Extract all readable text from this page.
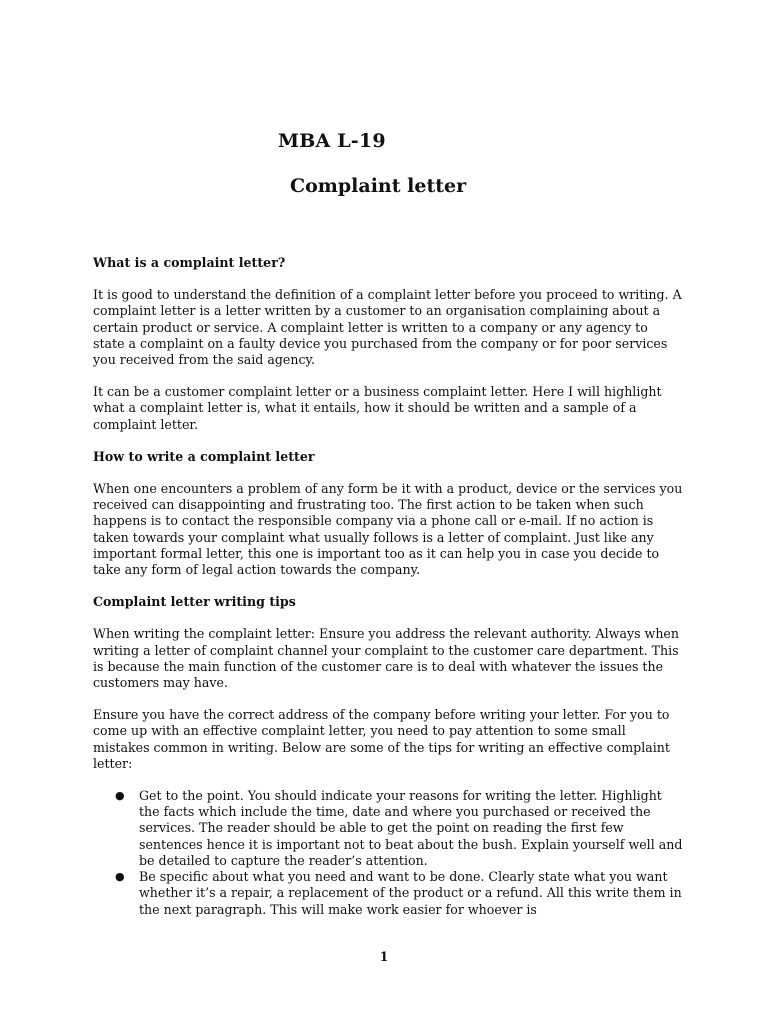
MBA L-19
Complaint letter
What is a complaint letter?

It is good to understand the definition of a complaint letter before you proceed to writing. A complaint letter is a letter written by a customer to an organisation complaining about a certain product or service. A complaint letter is written to a company or any agency to state a complaint on a faulty device you purchased from the company or for poor services you received from the said agency.

It can be a customer complaint letter or a business complaint letter. Here I will highlight what a complaint letter is, what it entails, how it should be written and a sample of a complaint letter.

How to write a complaint letter

When one encounters a problem of any form be it with a product, device or the services you received can disappointing and frustrating too. The first action to be taken when such happens is to contact the responsible company via a phone call or e-mail. If no action is taken towards your complaint what usually follows is a letter of complaint. Just like any important formal letter, this one is important too as it can help you in case you decide to take any form of legal action towards the company.

Complaint letter writing tips

When writing the complaint letter: Ensure you address the relevant authority. Always when writing a letter of complaint channel your complaint to the customer care department. This is because the main function of the customer care is to deal with whatever the issues the customers may have.

Ensure you have the correct address of the company before writing your letter. For you to come up with an effective complaint letter, you need to pay attention to some small mistakes common in writing. Below are some of the tips for writing an effective complaint letter:

● Get to the point. You should indicate your reasons for writing the letter. Highlight the facts which include the time, date and where you purchased or received the services. The reader should be able to get the point on reading the first few sentences hence it is important not to beat about the bush. Explain yourself well and be detailed to capture the reader’s attention.
● Be specific about what you need and want to be done. Clearly state what you want whether it’s a repair, a replacement of the product or a refund. All this write them in the next paragraph. This will make work easier for whoever is
1
